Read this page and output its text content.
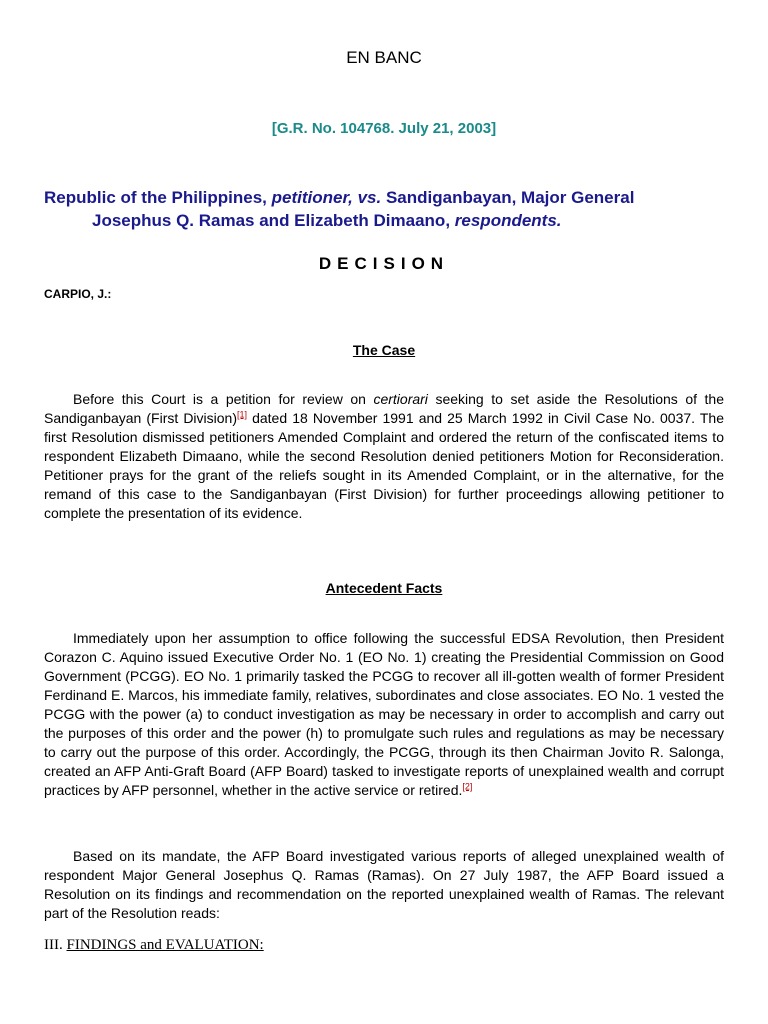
EN BANC
[G.R. No. 104768. July 21, 2003]
Republic of the Philippines, petitioner, vs. Sandiganbayan, Major General
Josephus Q. Ramas and Elizabeth Dimaano, respondents.
DECISION
CARPIO, J.:
The Case
Before this Court is a petition for review on certiorari seeking to set aside the Resolutions of the Sandiganbayan (First Division)[1] dated 18 November 1991 and 25 March 1992 in Civil Case No. 0037. The first Resolution dismissed petitioners Amended Complaint and ordered the return of the confiscated items to respondent Elizabeth Dimaano, while the second Resolution denied petitioners Motion for Reconsideration. Petitioner prays for the grant of the reliefs sought in its Amended Complaint, or in the alternative, for the remand of this case to the Sandiganbayan (First Division) for further proceedings allowing petitioner to complete the presentation of its evidence.
Antecedent Facts
Immediately upon her assumption to office following the successful EDSA Revolution, then President Corazon C. Aquino issued Executive Order No. 1 (EO No. 1) creating the Presidential Commission on Good Government (PCGG). EO No. 1 primarily tasked the PCGG to recover all ill-gotten wealth of former President Ferdinand E. Marcos, his immediate family, relatives, subordinates and close associates. EO No. 1 vested the PCGG with the power (a) to conduct investigation as may be necessary in order to accomplish and carry out the purposes of this order and the power (h) to promulgate such rules and regulations as may be necessary to carry out the purpose of this order. Accordingly, the PCGG, through its then Chairman Jovito R. Salonga, created an AFP Anti-Graft Board (AFP Board) tasked to investigate reports of unexplained wealth and corrupt practices by AFP personnel, whether in the active service or retired.[2]
Based on its mandate, the AFP Board investigated various reports of alleged unexplained wealth of respondent Major General Josephus Q. Ramas (Ramas). On 27 July 1987, the AFP Board issued a Resolution on its findings and recommendation on the reported unexplained wealth of Ramas. The relevant part of the Resolution reads:
III. FINDINGS and EVALUATION:
